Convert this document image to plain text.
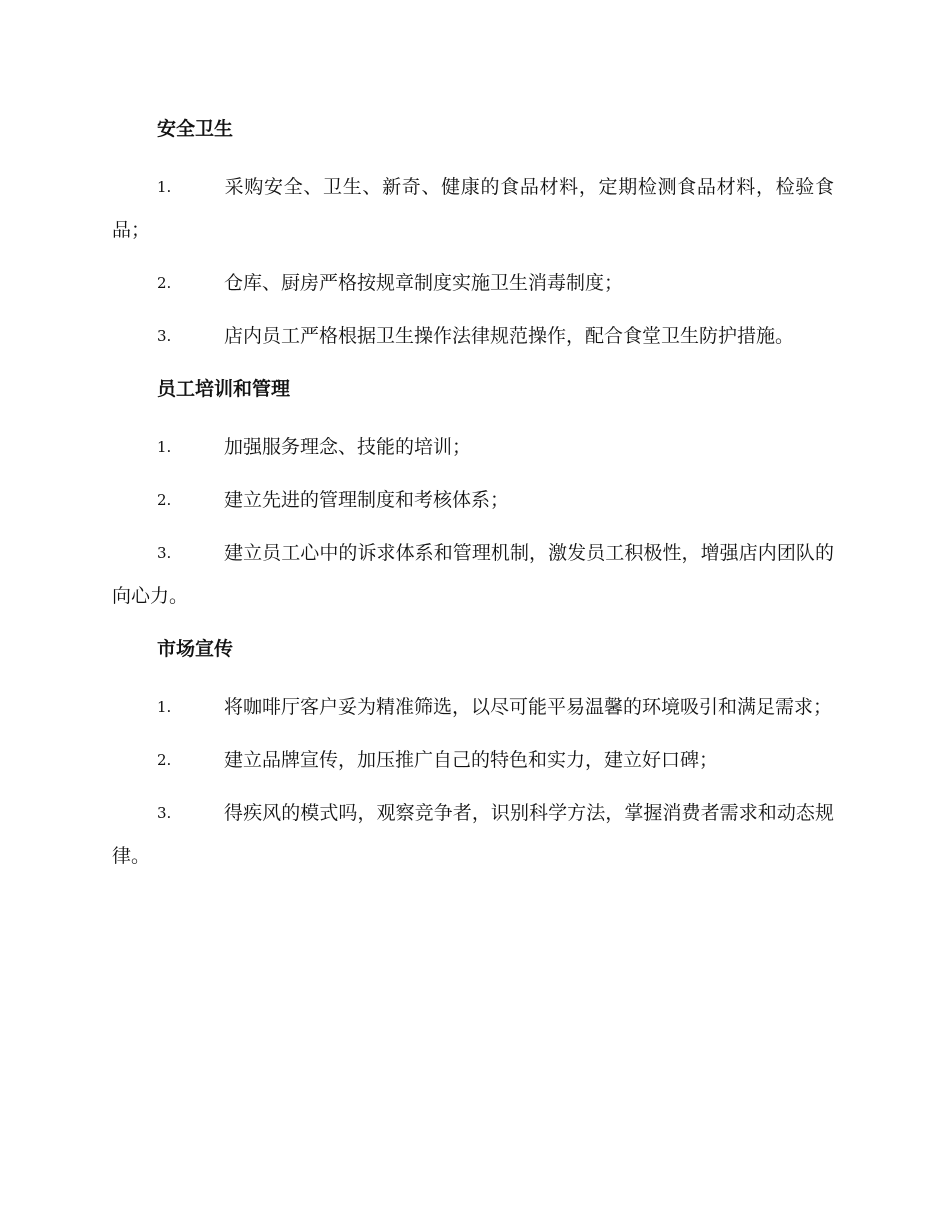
安全卫生

1.	采购安全、卫生、新奇、健康的食品材料，定期检测食品材料，检验食品；

2.	仓库、厨房严格按规章制度实施卫生消毒制度；

3.	店内员工严格根据卫生操作法律规范操作，配合食堂卫生防护措施。

员工培训和管理

1.	加强服务理念、技能的培训；

2.	建立先进的管理制度和考核体系；

3.	建立员工心中的诉求体系和管理机制，激发员工积极性，增强店内团队的向心力。

市场宣传

1.	将咖啡厅客户妥为精准筛选，以尽可能平易温馨的环境吸引和满足需求；

2.	建立品牌宣传，加压推广自己的特色和实力，建立好口碑；

3.	得疾风的模式吗，观察竞争者，识别科学方法，掌握消费者需求和动态规律。
